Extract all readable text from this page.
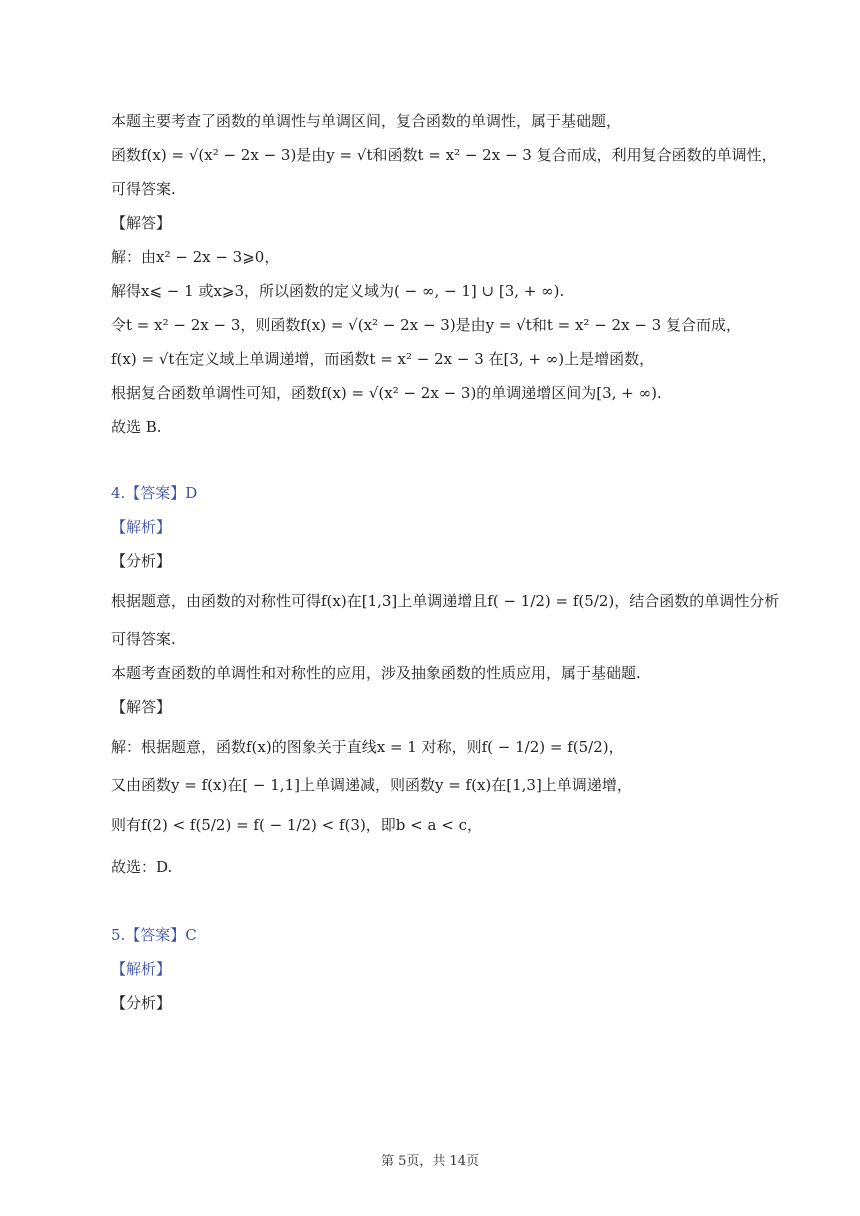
本题主要考查了函数的单调性与单调区间，复合函数的单调性，属于基础题，
函数f(x) = √(x² − 2x − 3)是由y = √t和函数t = x² − 2x − 3 复合而成，利用复合函数的单调性，
可得答案.
【解答】
解：由x² − 2x − 3⩾0，
解得x⩽ − 1 或x⩾3，所以函数的定义域为( − ∞, − 1] ∪ [3, + ∞).
令t = x² − 2x − 3，则函数f(x) = √(x² − 2x − 3)是由y = √t和t = x² − 2x − 3 复合而成，
f(x) = √t在定义域上单调递增，而函数t = x² − 2x − 3 在[3, + ∞)上是增函数，
根据复合函数单调性可知，函数f(x) = √(x² − 2x − 3)的单调递增区间为[3, + ∞).
故选 B.
4.【答案】D
【解析】
【分析】
根据题意，由函数的对称性可得f(x)在[1,3]上单调递增且f( − 1/2) = f(5/2)，结合函数的单调性分析
可得答案.
本题考查函数的单调性和对称性的应用，涉及抽象函数的性质应用，属于基础题.
【解答】
解：根据题意，函数f(x)的图象关于直线x = 1 对称，则f( − 1/2) = f(5/2)，
又由函数y = f(x)在[ − 1,1]上单调递减，则函数y = f(x)在[1,3]上单调递增，
则有f(2) < f(5/2) = f( − 1/2) < f(3)，即b < a < c，
故选：D.
5.【答案】C
【解析】
【分析】
第 5页，共 14页
